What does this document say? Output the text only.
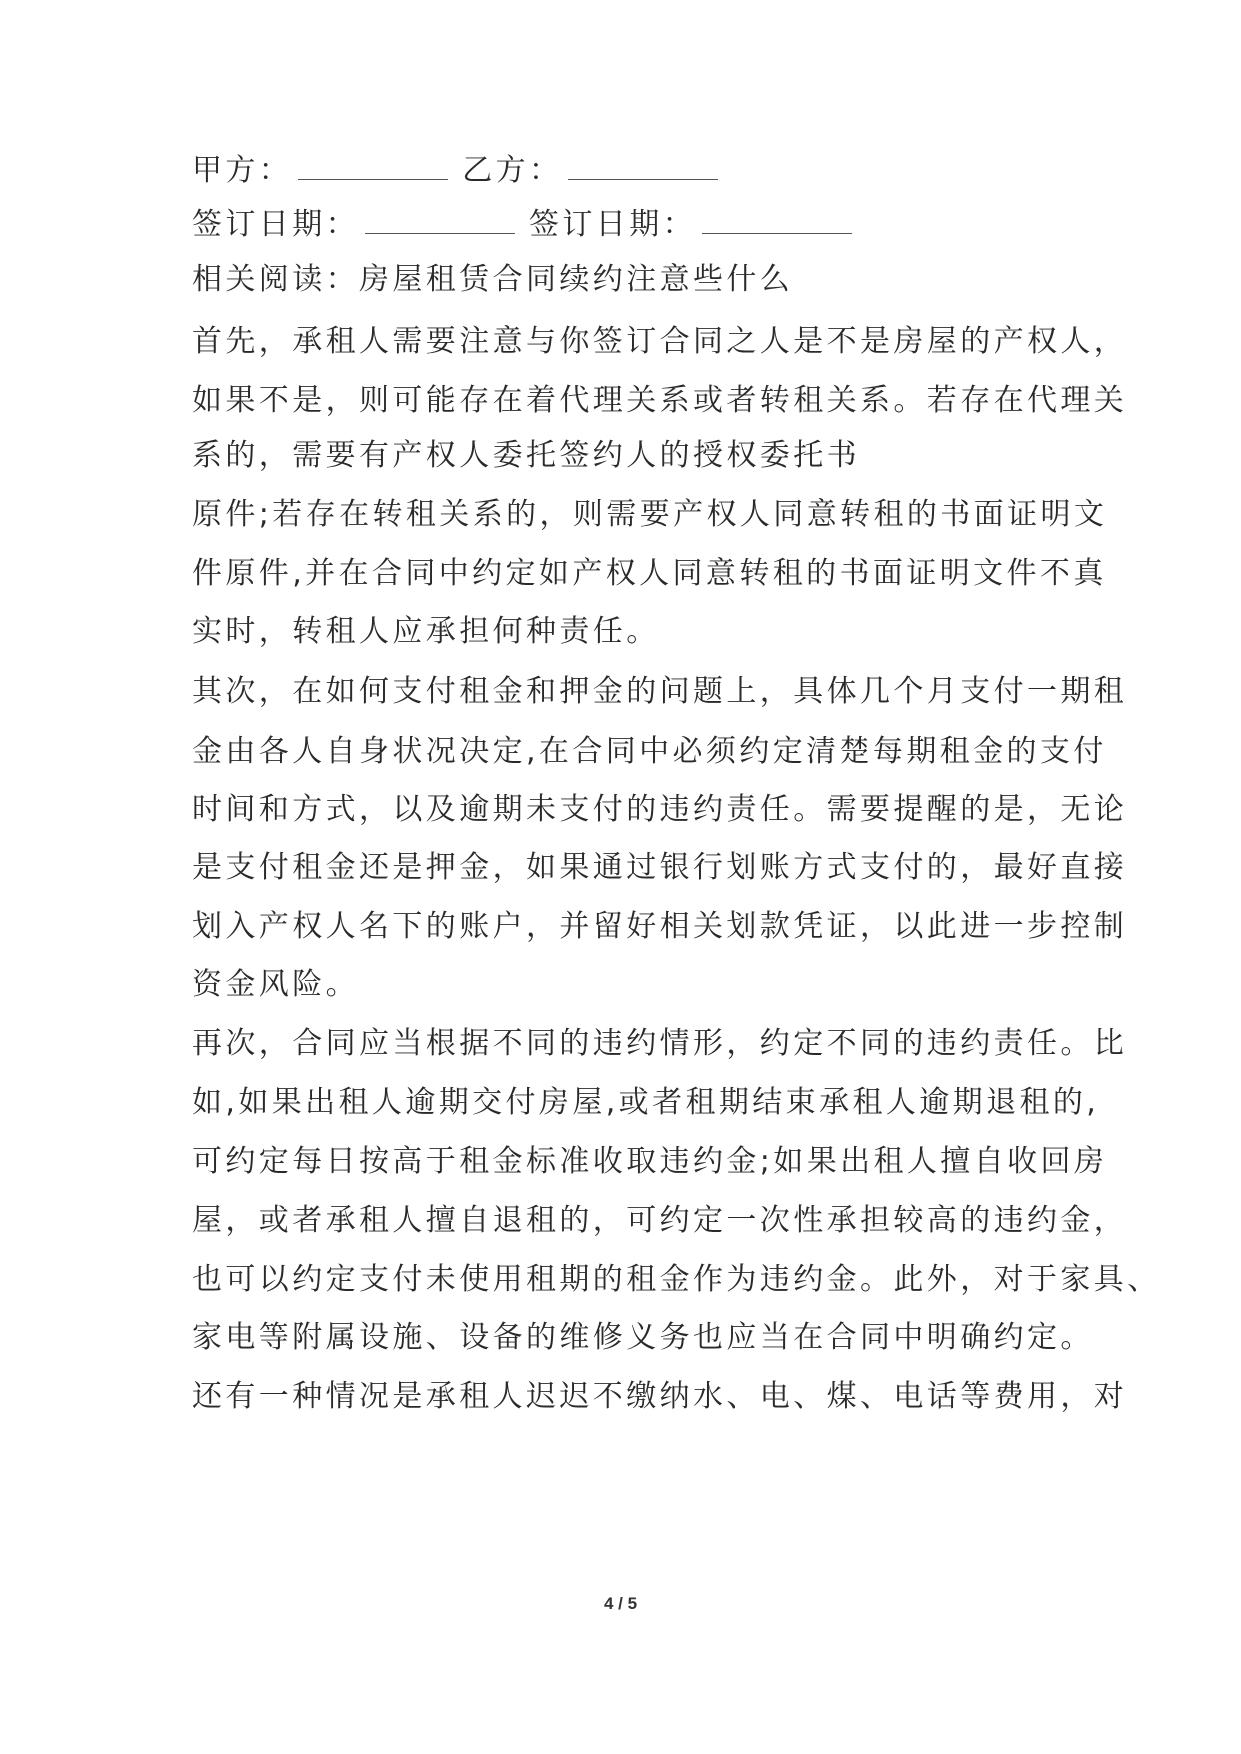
甲方：	乙方：
签订日期：	签订日期：
相关阅读：房屋租赁合同续约注意些什么
首先，承租人需要注意与你签订合同之人是不是房屋的产权人，
如果不是，则可能存在着代理关系或者转租关系。若存在代理关
系的，需要有产权人委托签约人的授权委托书
原件;若存在转租关系的，则需要产权人同意转租的书面证明文
件原件,并在合同中约定如产权人同意转租的书面证明文件不真
实时，转租人应承担何种责任。
其次，在如何支付租金和押金的问题上，具体几个月支付一期租
金由各人自身状况决定,在合同中必须约定清楚每期租金的支付
时间和方式，以及逾期未支付的违约责任。需要提醒的是，无论
是支付租金还是押金，如果通过银行划账方式支付的，最好直接
划入产权人名下的账户，并留好相关划款凭证，以此进一步控制
资金风险。
再次，合同应当根据不同的违约情形，约定不同的违约责任。比
如,如果出租人逾期交付房屋,或者租期结束承租人逾期退租的,
可约定每日按高于租金标准收取违约金;如果出租人擅自收回房
屋，或者承租人擅自退租的，可约定一次性承担较高的违约金，
也可以约定支付未使用租期的租金作为违约金。此外，对于家具、
家电等附属设施、设备的维修义务也应当在合同中明确约定。
还有一种情况是承租人迟迟不缴纳水、电、煤、电话等费用，对
4 / 5
